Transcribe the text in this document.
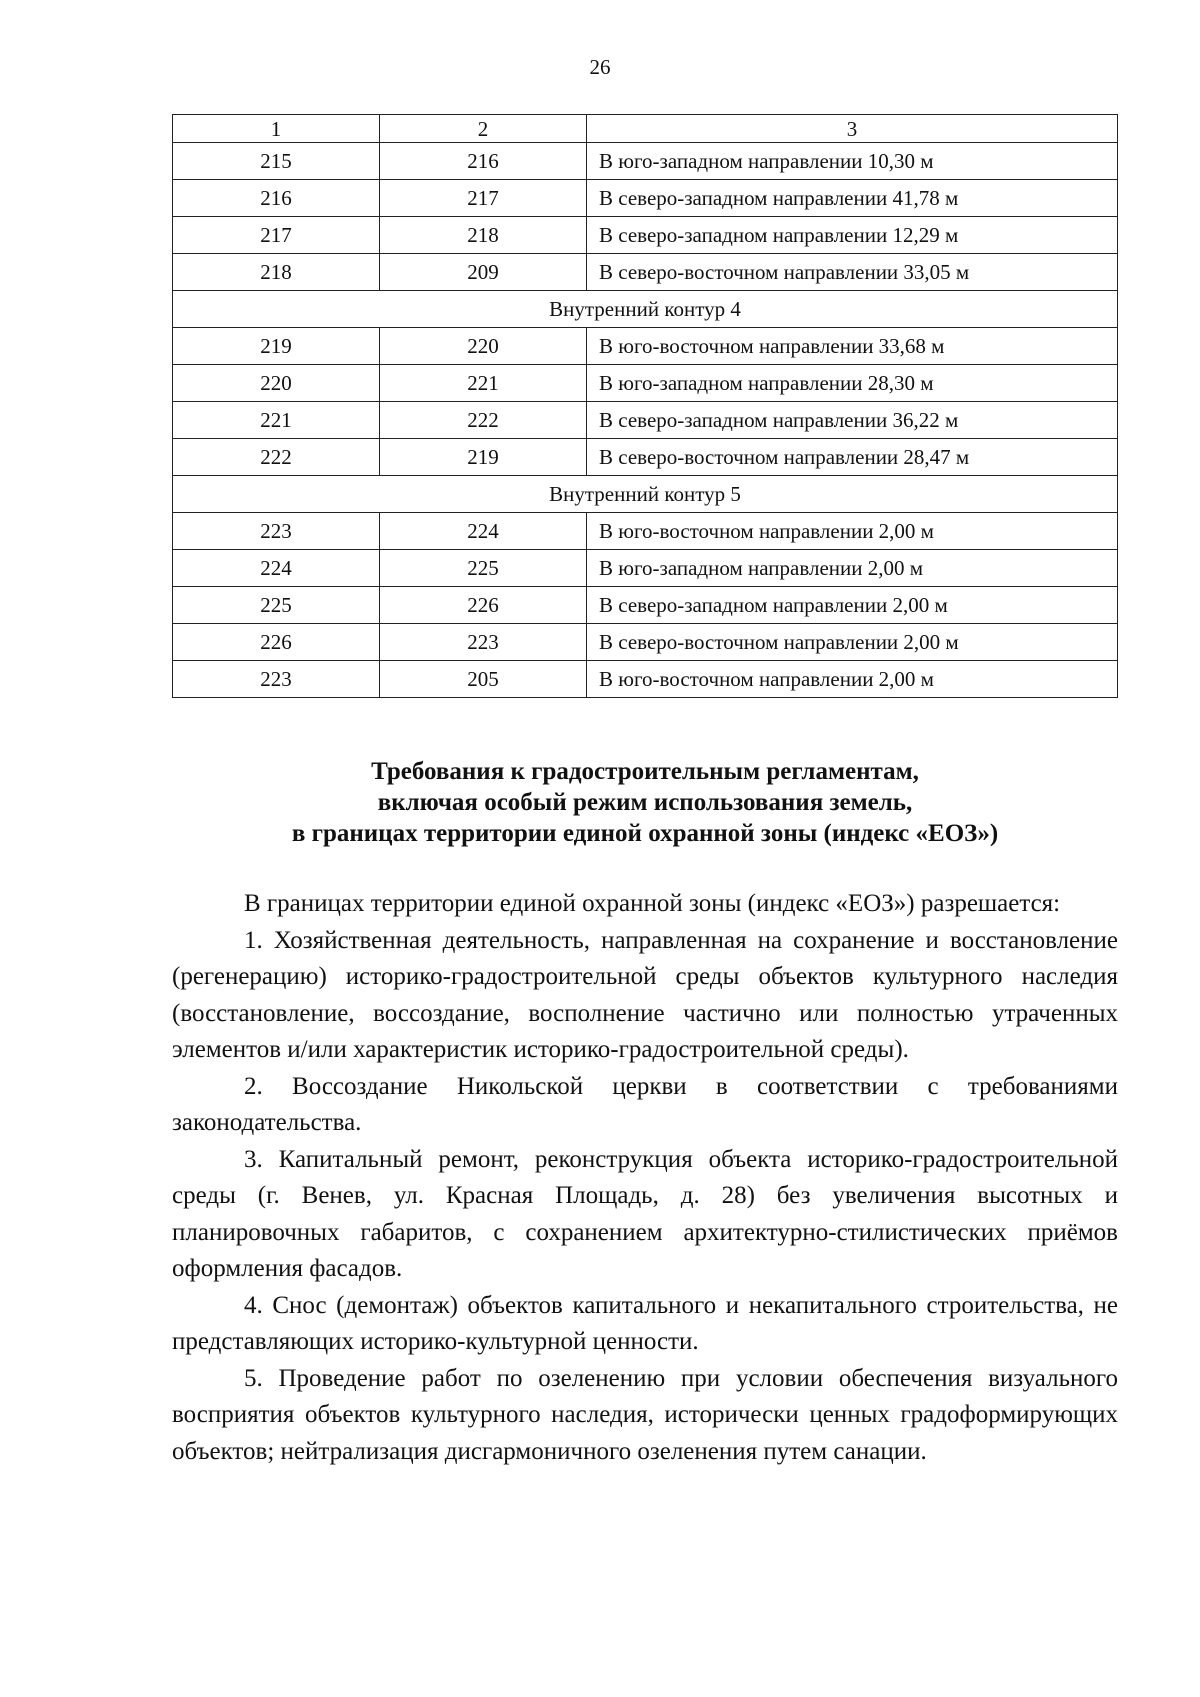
26
1	2	3
215	216	В юго-западном направлении 10,30 м
216	217	В северо-западном направлении 41,78 м
217	218	В северо-западном направлении 12,29 м
218	209	В северо-восточном направлении 33,05 м
Внутренний контур 4		
219	220	В юго-восточном направлении 33,68 м
220	221	В юго-западном направлении 28,30 м
221	222	В северо-западном направлении 36,22 м
222	219	В северо-восточном направлении 28,47 м
Внутренний контур 5		
223	224	В юго-восточном направлении 2,00 м
224	225	В юго-западном направлении 2,00 м
225	226	В северо-западном направлении 2,00 м
226	223	В северо-восточном направлении 2,00 м
223	205	В юго-восточном направлении 2,00 м
Требования к градостроительным регламентам,
включая особый режим использования земель,
в границах территории единой охранной зоны (индекс «ЕОЗ»)

В границах территории единой охранной зоны (индекс «ЕОЗ») разрешается:

1. Хозяйственная деятельность, направленная на сохранение и восстановление (регенерацию) историко-градостроительной среды объектов культурного наследия (восстановление, воссоздание, восполнение частично или полностью утраченных элементов и/или характеристик историко-градостроительной среды).

2. Воссоздание Никольской церкви в соответствии с требованиями законодательства.

3. Капитальный ремонт, реконструкция объекта историко-градостроительной среды (г. Венев, ул. Красная Площадь, д. 28) без увеличения высотных и планировочных габаритов, с сохранением архитектурно-стилистических приёмов оформления фасадов.

4. Снос (демонтаж) объектов капитального и некапитального строительства, не представляющих историко-культурной ценности.

5. Проведение работ по озеленению при условии обеспечения визуального восприятия объектов культурного наследия, исторически ценных градоформирующих объектов; нейтрализация дисгармоничного озеленения путем санации.
